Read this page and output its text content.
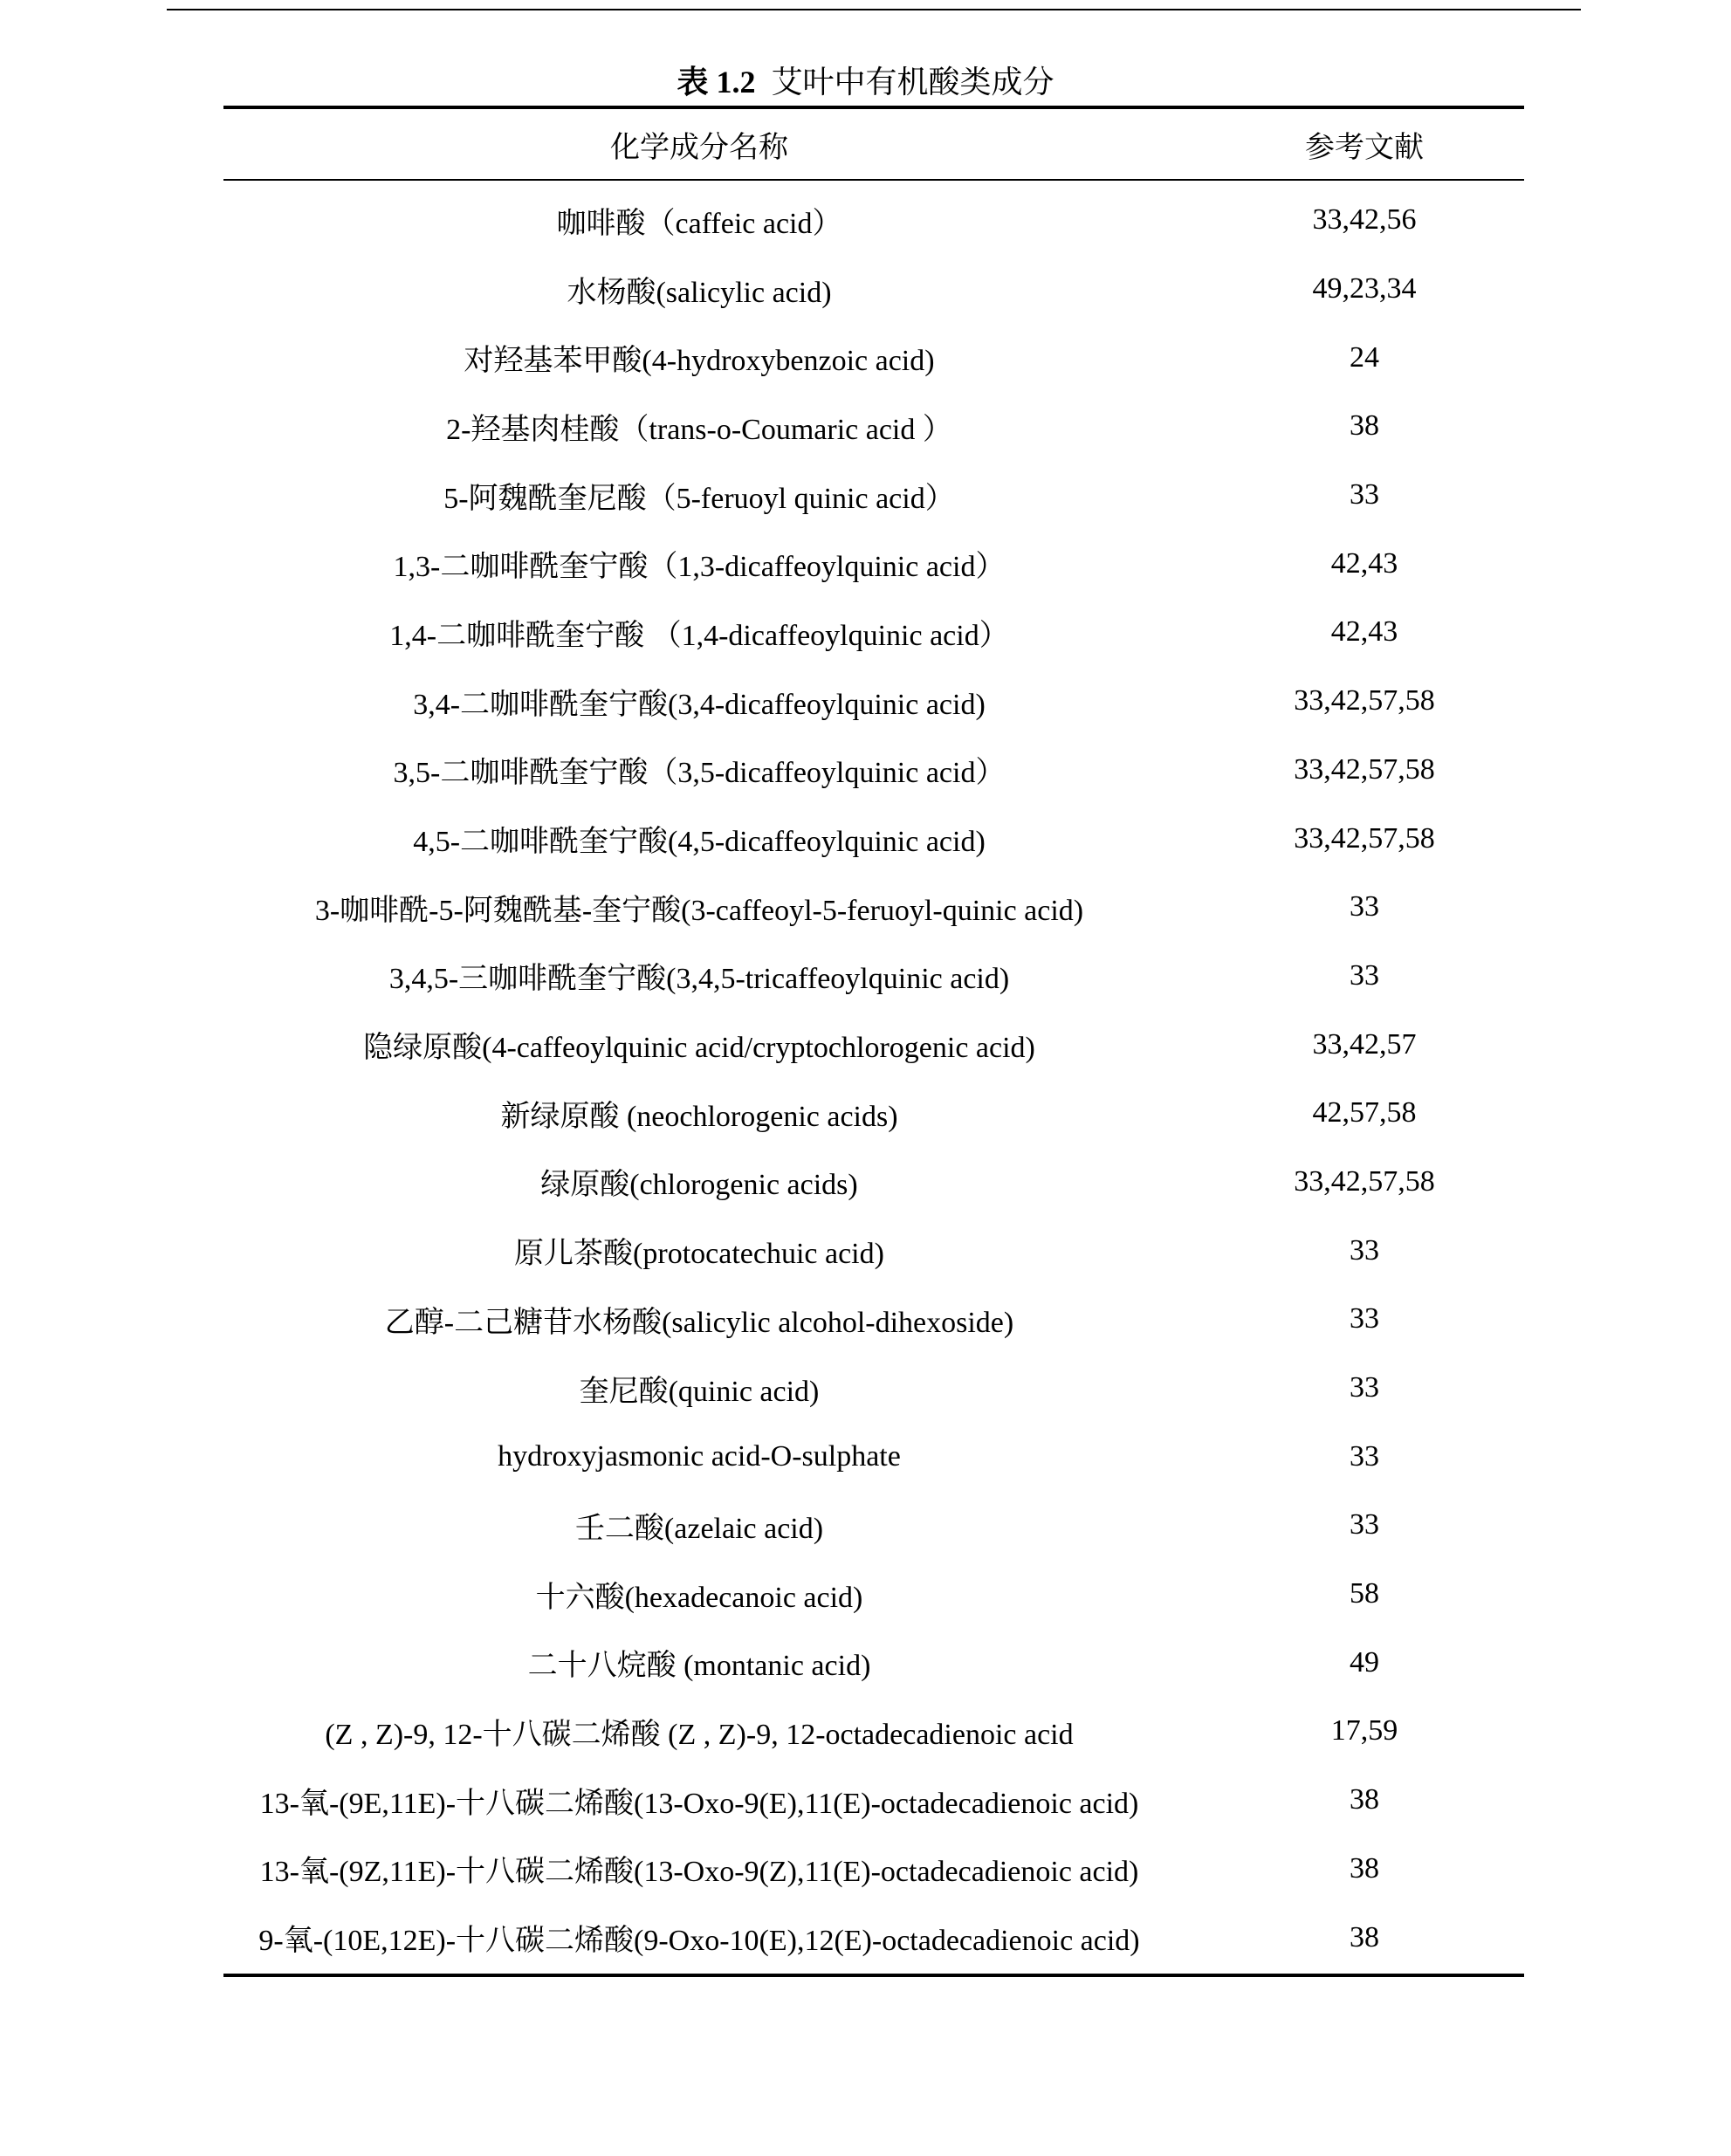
表 1.2 艾叶中有机酸类成分
化学成分名称	参考文献
咖啡酸（caffeic acid）	33,42,56
水杨酸(salicylic acid)	49,23,34
对羟基苯甲酸(4-hydroxybenzoic acid)	24
2-羟基肉桂酸（trans-o-Coumaric acid ）	38
5-阿魏酰奎尼酸（5-feruoyl quinic acid）	33
1,3-二咖啡酰奎宁酸（1,3-dicaffeoylquinic acid）	42,43
1,4-二咖啡酰奎宁酸 （1,4-dicaffeoylquinic acid）	42,43
3,4-二咖啡酰奎宁酸(3,4-dicaffeoylquinic acid)	33,42,57,58
3,5-二咖啡酰奎宁酸（3,5-dicaffeoylquinic acid）	33,42,57,58
4,5-二咖啡酰奎宁酸(4,5-dicaffeoylquinic acid)	33,42,57,58
3-咖啡酰-5-阿魏酰基-奎宁酸(3-caffeoyl-5-feruoyl-quinic acid)	33
3,4,5-三咖啡酰奎宁酸(3,4,5-tricaffeoylquinic acid)	33
隐绿原酸(4-caffeoylquinic acid/cryptochlorogenic acid)	33,42,57
新绿原酸 (neochlorogenic acids)	42,57,58
绿原酸(chlorogenic acids)	33,42,57,58
原儿茶酸(protocatechuic acid)	33
乙醇-二己糖苷水杨酸(salicylic alcohol-dihexoside)	33
奎尼酸(quinic acid)	33
hydroxyjasmonic acid-O-sulphate	33
壬二酸(azelaic acid)	33
十六酸(hexadecanoic acid)	58
二十八烷酸 (montanic acid)	49
(Z , Z)-9, 12-十八碳二烯酸 (Z , Z)-9, 12-octadecadienoic acid	17,59
13-氧-(9E,11E)-十八碳二烯酸(13-Oxo-9(E),11(E)-octadecadienoic acid)	38
13-氧-(9Z,11E)-十八碳二烯酸(13-Oxo-9(Z),11(E)-octadecadienoic acid)	38
9-氧-(10E,12E)-十八碳二烯酸(9-Oxo-10(E),12(E)-octadecadienoic acid)	38
